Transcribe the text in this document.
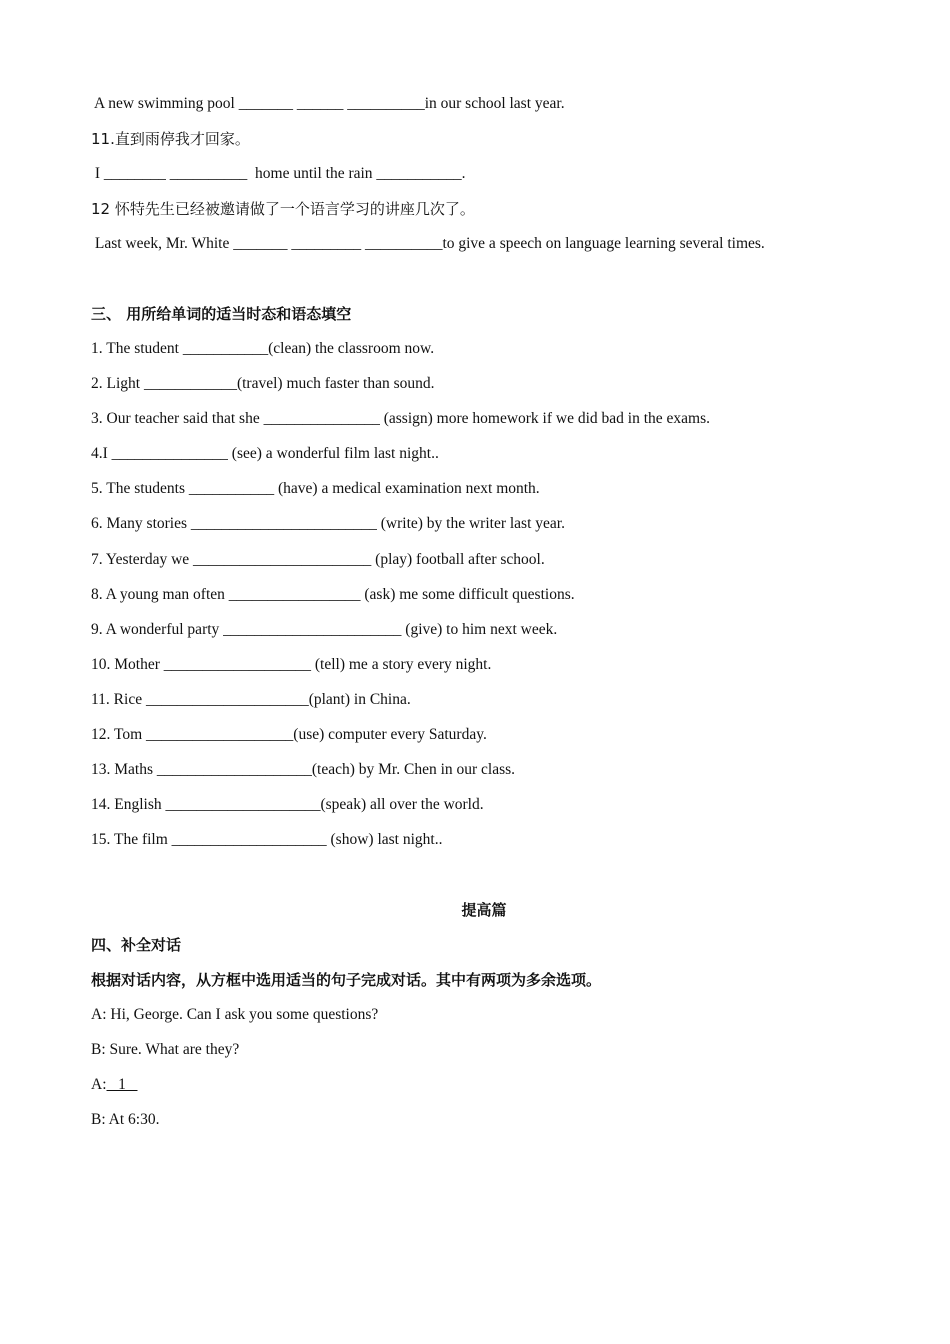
A new swimming pool _______ ______ __________in our school last year.
11.直到雨停我才回家。
I ________ __________  home until the rain ___________.
12 怀特先生已经被邀请做了一个语言学习的讲座几次了。
Last week, Mr. White _______ _________ __________to give a speech on language learning several times.
三、 用所给单词的适当时态和语态填空
1. The student ___________(clean) the classroom now.
2. Light ____________(travel) much faster than sound.
3. Our teacher said that she _______________ (assign) more homework if we did bad in the exams.
4.I _______________ (see) a wonderful film last night..
5. The students ___________ (have) a medical examination next month.
6. Many stories ________________________ (write) by the writer last year.
7. Yesterday we _______________________ (play) football after school.
8. A young man often _________________ (ask) me some difficult questions.
9. A wonderful party _______________________ (give) to him next week.
10. Mother ___________________ (tell) me a story every night.
11. Rice _____________________(plant) in China.
12. Tom ___________________(use) computer every Saturday.
13. Maths ____________________(teach) by Mr. Chen in our class.
14. English ____________________(speak) all over the world.
15. The film ____________________ (show) last night..
提高篇
四、补全对话
根据对话内容，从方框中选用适当的句子完成对话。其中有两项为多余选项。
A: Hi, George. Can I ask you some questions?
B: Sure. What are they?
A:   1
B: At 6:30.
